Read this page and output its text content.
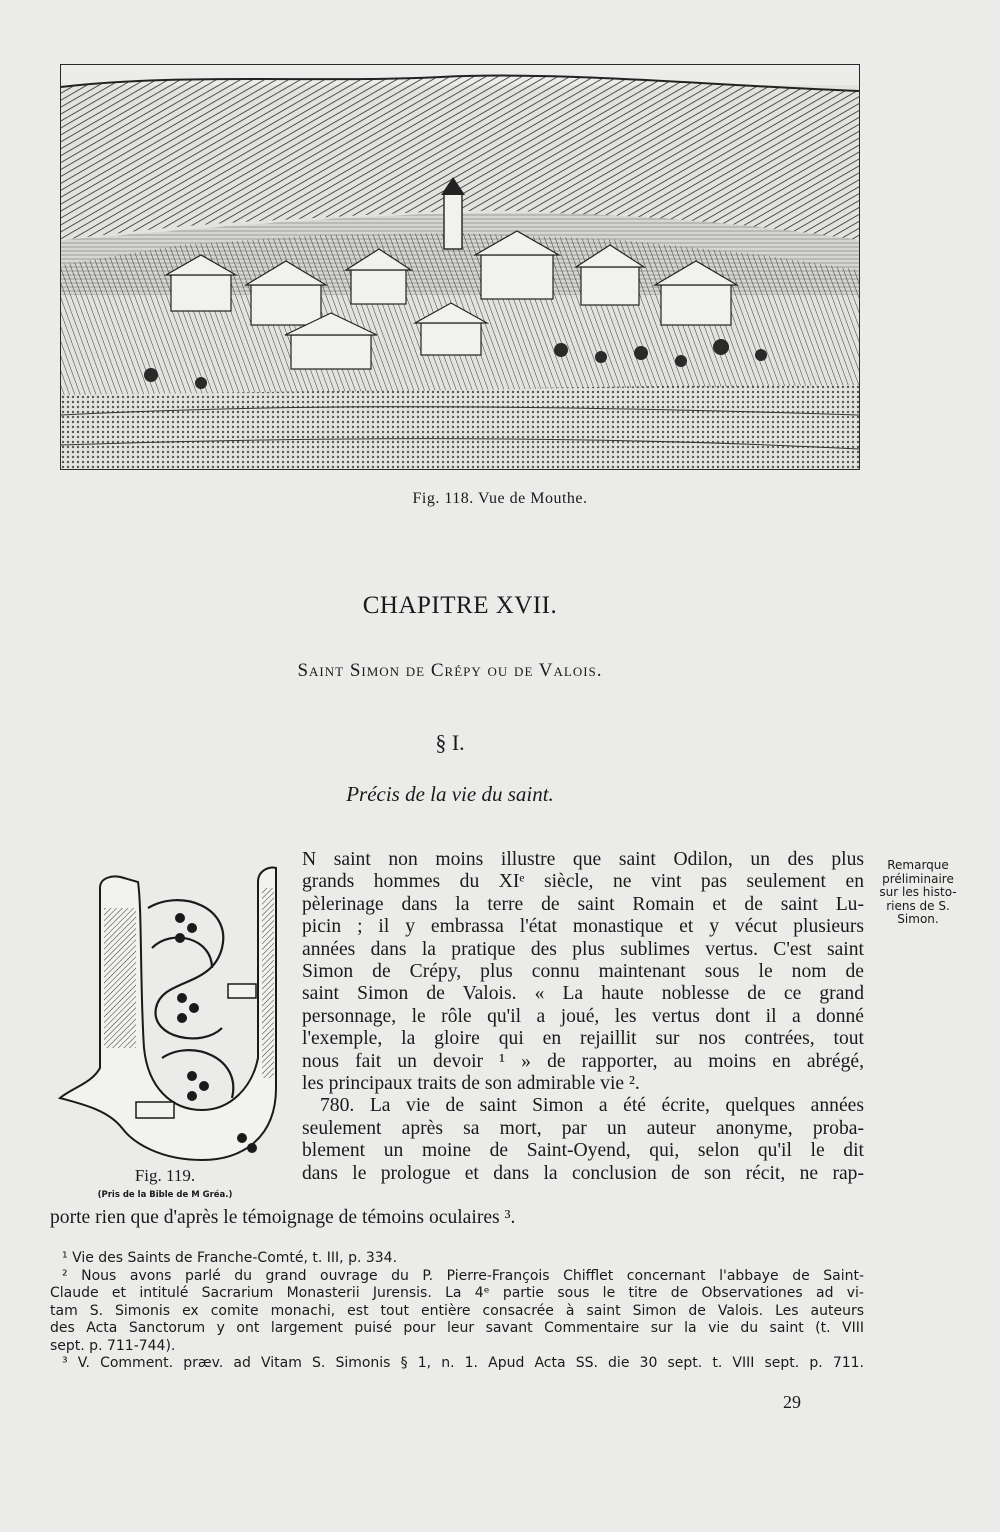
Fig. 118. Vue de Mouthe.
CHAPITRE XVII.
Saint Simon de Crépy ou de Valois.
§ I.
Précis de la vie du saint.
Fig. 119.
(Pris de la Bible de M Gréa.)
N saint non moins illustre que saint Odilon, un des plus
grands hommes du XIᵉ siècle, ne vint pas seulement en
pèlerinage dans la terre de saint Romain et de saint Lu-
picin ; il y embrassa l'état monastique et y vécut plusieurs
années dans la pratique des plus sublimes vertus. C'est saint
Simon de Crépy, plus connu maintenant sous le nom de
saint Simon de Valois. « La haute noblesse de ce grand
personnage, le rôle qu'il a joué, les vertus dont il a donné
l'exemple, la gloire qui en rejaillit sur nos contrées, tout
nous fait un devoir ¹ » de rapporter, au moins en abrégé,
les principaux traits de son admirable vie ².
780. La vie de saint Simon a été écrite, quelques années
seulement après sa mort, par un auteur anonyme, proba-
blement un moine de Saint-Oyend, qui, selon qu'il le dit
dans le prologue et dans la conclusion de son récit, ne rap-
porte rien que d'après le témoignage de témoins oculaires ³.
Remarque
préliminaire
sur les histo-
riens de S.
Simon.
¹ Vie des Saints de Franche-Comté, t. III, p. 334.
² Nous avons parlé du grand ouvrage du P. Pierre-François Chifflet concernant l'abbaye de Saint-
Claude et intitulé Sacrarium Monasterii Jurensis. La 4ᵉ partie sous le titre de Observationes ad vi-
tam S. Simonis ex comite monachi, est tout entière consacrée à saint Simon de Valois. Les auteurs
des Acta Sanctorum y ont largement puisé pour leur savant Commentaire sur la vie du saint (t. VIII
sept. p. 711-744).
³ V. Comment. præv. ad Vitam S. Simonis § 1, n. 1. Apud Acta SS. die 30 sept. t. VIII sept. p. 711.
29
